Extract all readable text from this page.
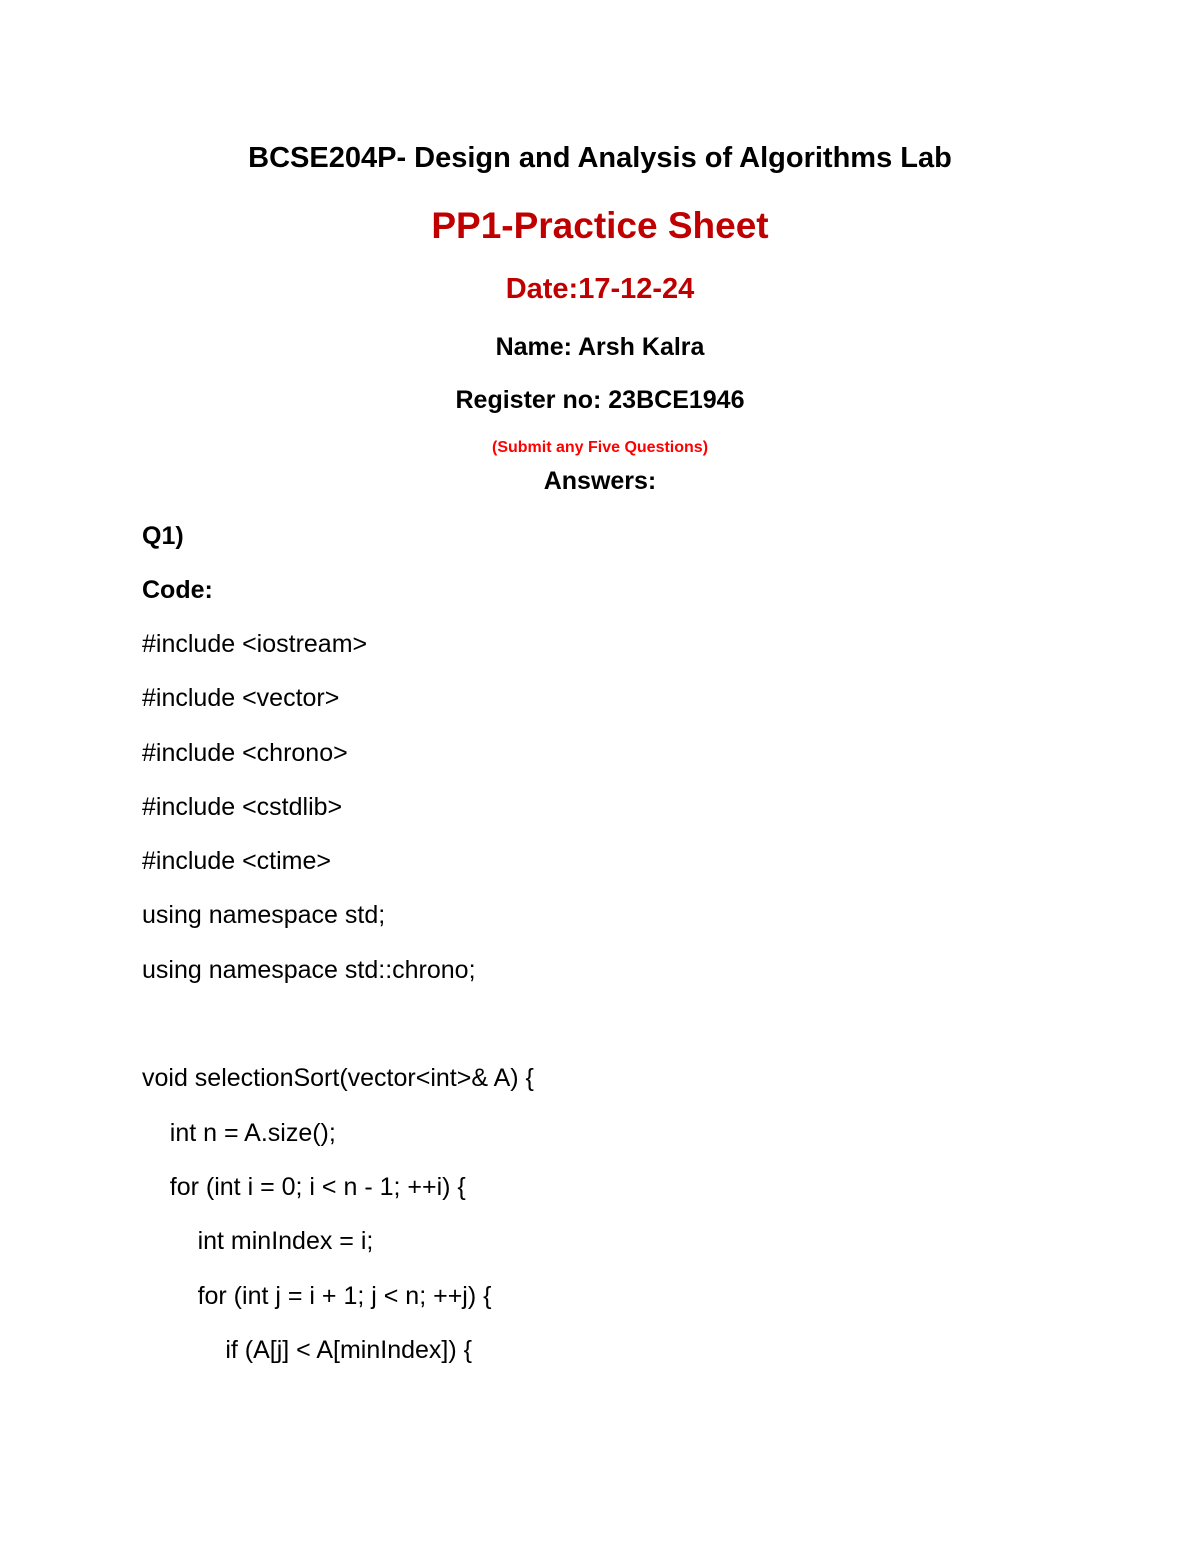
BCSE204P- Design and Analysis of Algorithms Lab
PP1-Practice Sheet
Date:17-12-24
Name: Arsh Kalra
Register no: 23BCE1946
(Submit any Five Questions)
Answers:
Q1)
Code:
#include <iostream>
#include <vector>
#include <chrono>
#include <cstdlib>
#include <ctime>
using namespace std;
using namespace std::chrono;
void selectionSort(vector<int>& A) {
int n = A.size();
for (int i = 0; i < n - 1; ++i) {
int minIndex = i;
for (int j = i + 1; j < n; ++j) {
if (A[j] < A[minIndex]) {
